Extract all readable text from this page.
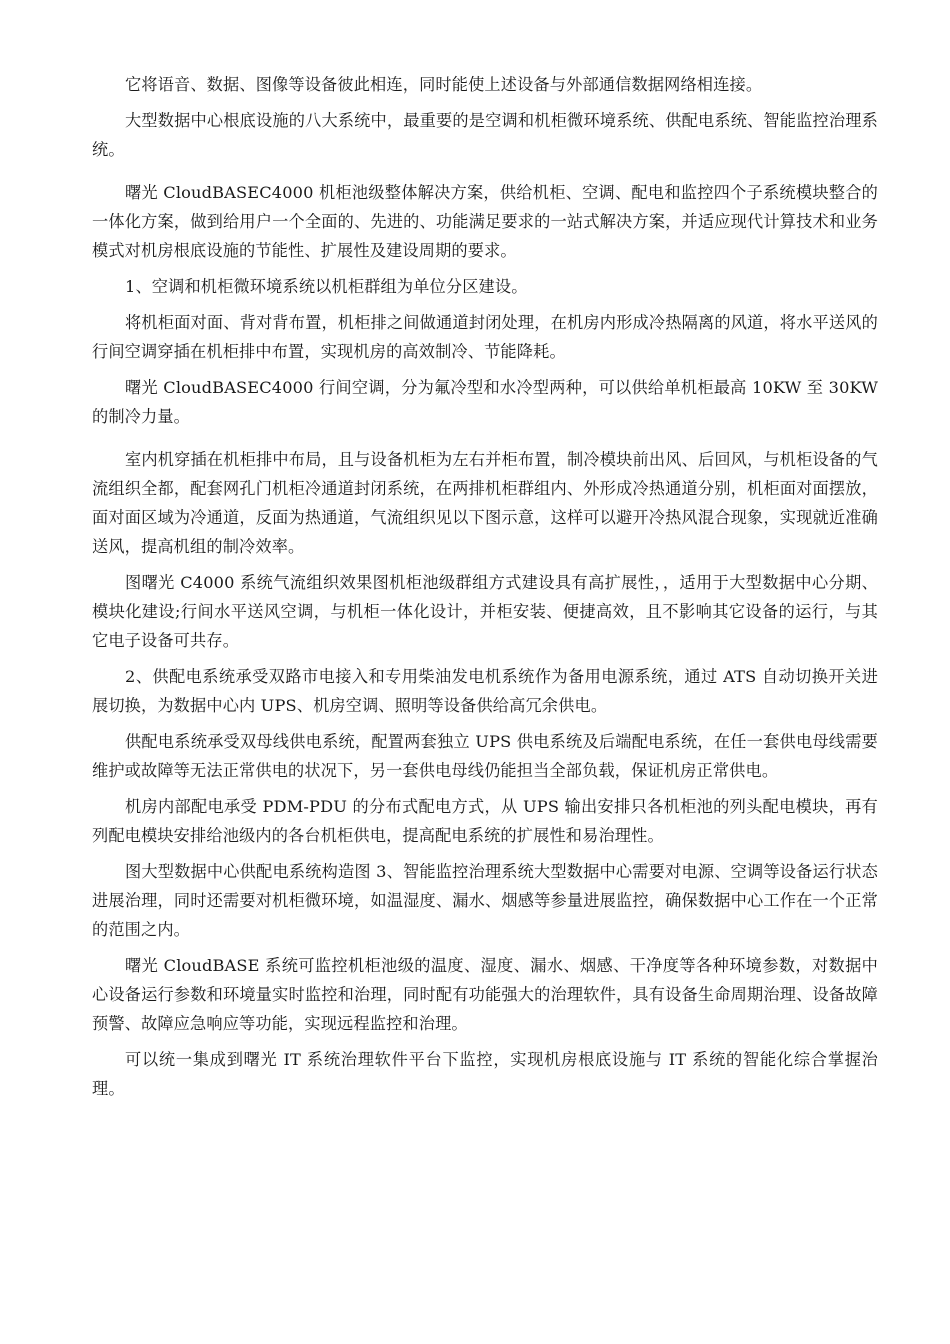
它将语音、数据、图像等设备彼此相连，同时能使上述设备与外部通信数据网络相连接。

大型数据中心根底设施的八大系统中，最重要的是空调和机柜微环境系统、供配电系统、智能监控治理系统。

曙光 CloudBASEC4000 机柜池级整体解决方案，供给机柜、空调、配电和监控四个子系统模块整合的一体化方案，做到给用户一个全面的、先进的、功能满足要求的一站式解决方案，并适应现代计算技术和业务模式对机房根底设施的节能性、扩展性及建设周期的要求。

1、空调和机柜微环境系统以机柜群组为单位分区建设。

将机柜面对面、背对背布置，机柜排之间做通道封闭处理，在机房内形成冷热隔离的风道，将水平送风的行间空调穿插在机柜排中布置，实现机房的高效制冷、节能降耗。

曙光 CloudBASEC4000 行间空调，分为氟冷型和水冷型两种，可以供给单机柜最高 10KW 至 30KW 的制冷力量。

室内机穿插在机柜排中布局，且与设备机柜为左右并柜布置，制冷模块前出风、后回风，与机柜设备的气流组织全都，配套网孔门机柜冷通道封闭系统，在两排机柜群组内、外形成冷热通道分别，机柜面对面摆放，面对面区域为冷通道，反面为热通道，气流组织见以下图示意，这样可以避开冷热风混合现象，实现就近准确送风，提高机组的制冷效率。

图曙光 C4000 系统气流组织效果图机柜池级群组方式建设具有高扩展性，，适用于大型数据中心分期、模块化建设;行间水平送风空调，与机柜一体化设计，并柜安装、便捷高效，且不影响其它设备的运行，与其它电子设备可共存。

2、供配电系统承受双路市电接入和专用柴油发电机系统作为备用电源系统，通过 ATS 自动切换开关进展切换，为数据中心内 UPS、机房空调、照明等设备供给高冗余供电。

供配电系统承受双母线供电系统，配置两套独立 UPS 供电系统及后端配电系统，在任一套供电母线需要维护或故障等无法正常供电的状况下，另一套供电母线仍能担当全部负载，保证机房正常供电。

机房内部配电承受 PDM-PDU 的分布式配电方式，从 UPS 输出安排只各机柜池的列头配电模块，再有列配电模块安排给池级内的各台机柜供电，提高配电系统的扩展性和易治理性。

图大型数据中心供配电系统构造图 3、智能监控治理系统大型数据中心需要对电源、空调等设备运行状态进展治理，同时还需要对机柜微环境，如温湿度、漏水、烟感等参量进展监控，确保数据中心工作在一个正常的范围之内。

曙光 CloudBASE 系统可监控机柜池级的温度、湿度、漏水、烟感、干净度等各种环境参数，对数据中心设备运行参数和环境量实时监控和治理，同时配有功能强大的治理软件，具有设备生命周期治理、设备故障预警、故障应急响应等功能，实现远程监控和治理。

可以统一集成到曙光 IT 系统治理软件平台下监控，实现机房根底设施与 IT 系统的智能化综合掌握治理。
